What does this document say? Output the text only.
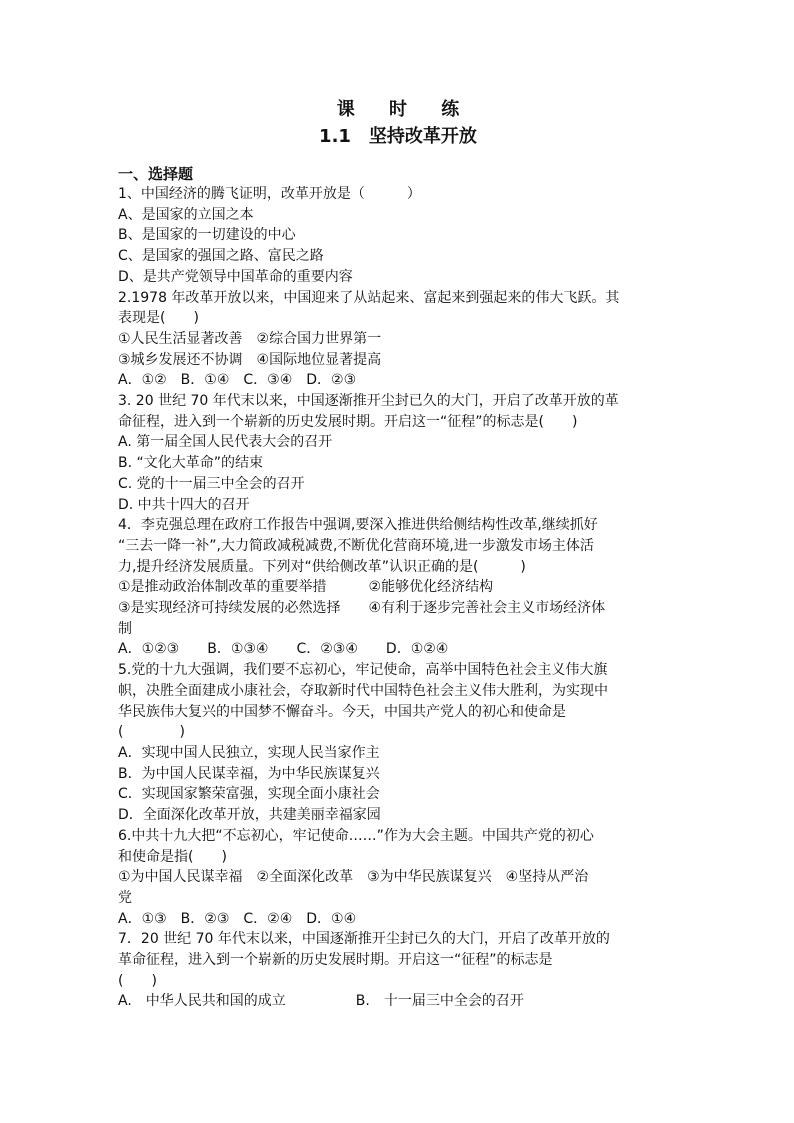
课 时 练
1.1　坚持改革开放
一、选择题
1、中国经济的腾飞证明，改革开放是（　　　）
A、是国家的立国之本
B、是国家的一切建设的中心
C、是国家的强国之路、富民之路
D、是共产党领导中国革命的重要内容
2.1978 年改革开放以来，中国迎来了从站起来、富起来到强起来的伟大飞跃。其
表现是(　　)
①人民生活显著改善　②综合国力世界第一
③城乡发展还不协调　④国际地位显著提高
A．①②　B．①④　C．③④　D．②③
3. 20 世纪 70 年代末以来，中国逐渐推开尘封已久的大门，开启了改革开放的革
命征程，进入到一个崭新的历史发展时期。开启这一“征程”的标志是(　　)
A. 第一届全国人民代表大会的召开
B. “文化大革命”的结束
C. 党的十一届三中全会的召开
D. 中共十四大的召开
4．李克强总理在政府工作报告中强调,要深入推进供给侧结构性改革,继续抓好
“三去一降一补”,大力简政减税减费,不断优化营商环境,进一步激发市场主体活
力,提升经济发展质量。下列对“供给侧改革”认识正确的是(　　　)
①是推动政治体制改革的重要举措　　　②能够优化经济结构
③是实现经济可持续发展的必然选择　　④有利于逐步完善社会主义市场经济体
制
A．①②③　　B．①③④　　C．②③④　　D．①②④
5.党的十九大强调，我们要不忘初心，牢记使命，高举中国特色社会主义伟大旗
帜，决胜全面建成小康社会，夺取新时代中国特色社会主义伟大胜利，为实现中
华民族伟大复兴的中国梦不懈奋斗。今天，中国共产党人的初心和使命是
(　　　　)
A．实现中国人民独立，实现人民当家作主
B．为中国人民谋幸福，为中华民族谋复兴
C．实现国家繁荣富强，实现全面小康社会
D．全面深化改革开放，共建美丽幸福家园
6.中共十九大把“不忘初心，牢记使命……”作为大会主题。中国共产党的初心
和使命是指(　　)
①为中国人民谋幸福　②全面深化改革　③为中华民族谋复兴　④坚持从严治
党
A．①③　B．②③　C．②④　D．①④
7．20 世纪 70 年代末以来，中国逐渐推开尘封已久的大门，开启了改革开放的
革命征程，进入到一个崭新的历史发展时期。开启这一“征程”的标志是
(　　)
A.　中华人民共和国的成立　　　　　B.　十一届三中全会的召开
